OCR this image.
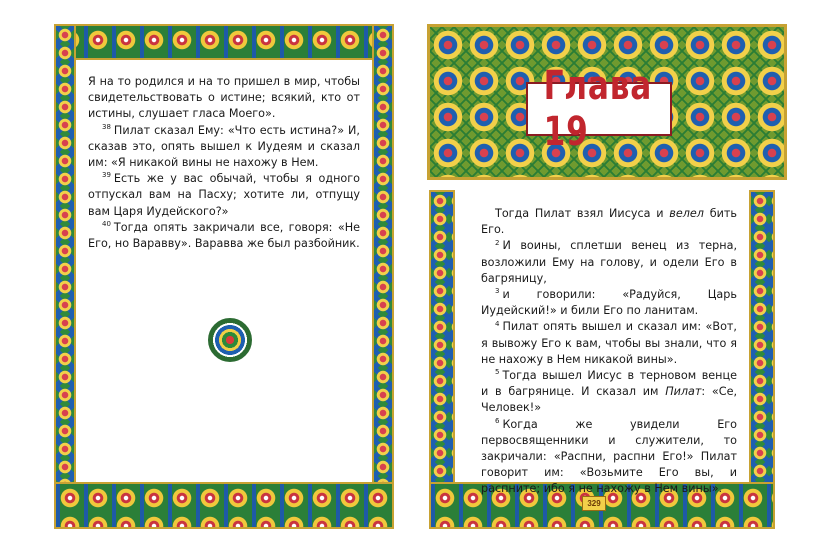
Я на то родился и на то пришел в мир, чтобы свидетельствовать о истине; всякий, кто от истины, слушает гласа Моего».

$^{38}$ Пилат сказал Ему: «Что есть истина?» И, сказав это, опять вышел к Иудеям и сказал им: «Я никакой вины не нахожу в Нем.

$^{39}$ Есть же у вас обычай, чтобы я одного отпускал вам на Пасху; хотите ли, отпущу вам Царя Иудейского?»

$^{40}$ Тогда опять закричали все, говоря: «Не Его, но Варавву». Варавва же был разбойник.

Глава 19
329

Тогда Пилат взял Иисуса и велел бить Его.

$^2$ И воины, сплетши венец из терна, возложили Ему на голову, и одели Его в багряницу,

$^3$ и говорили: «Радуйся, Царь Иудейский!» и били Его по ланитам.

$^4$ Пилат опять вышел и сказал им: «Вот, я вывожу Его к вам, чтобы вы знали, что я не нахожу в Нем никакой вины».

$^5$ Тогда вышел Иисус в терновом венце и в багрянице. И сказал им Пилат: «Се, Человек!»

$^6$ Когда же увидели Его первосвященники и служители, то закричали: «Распни, распни Его!» Пилат говорит им: «Возьмите Его вы, и распните; ибо я не нахожу в Нем вины».
